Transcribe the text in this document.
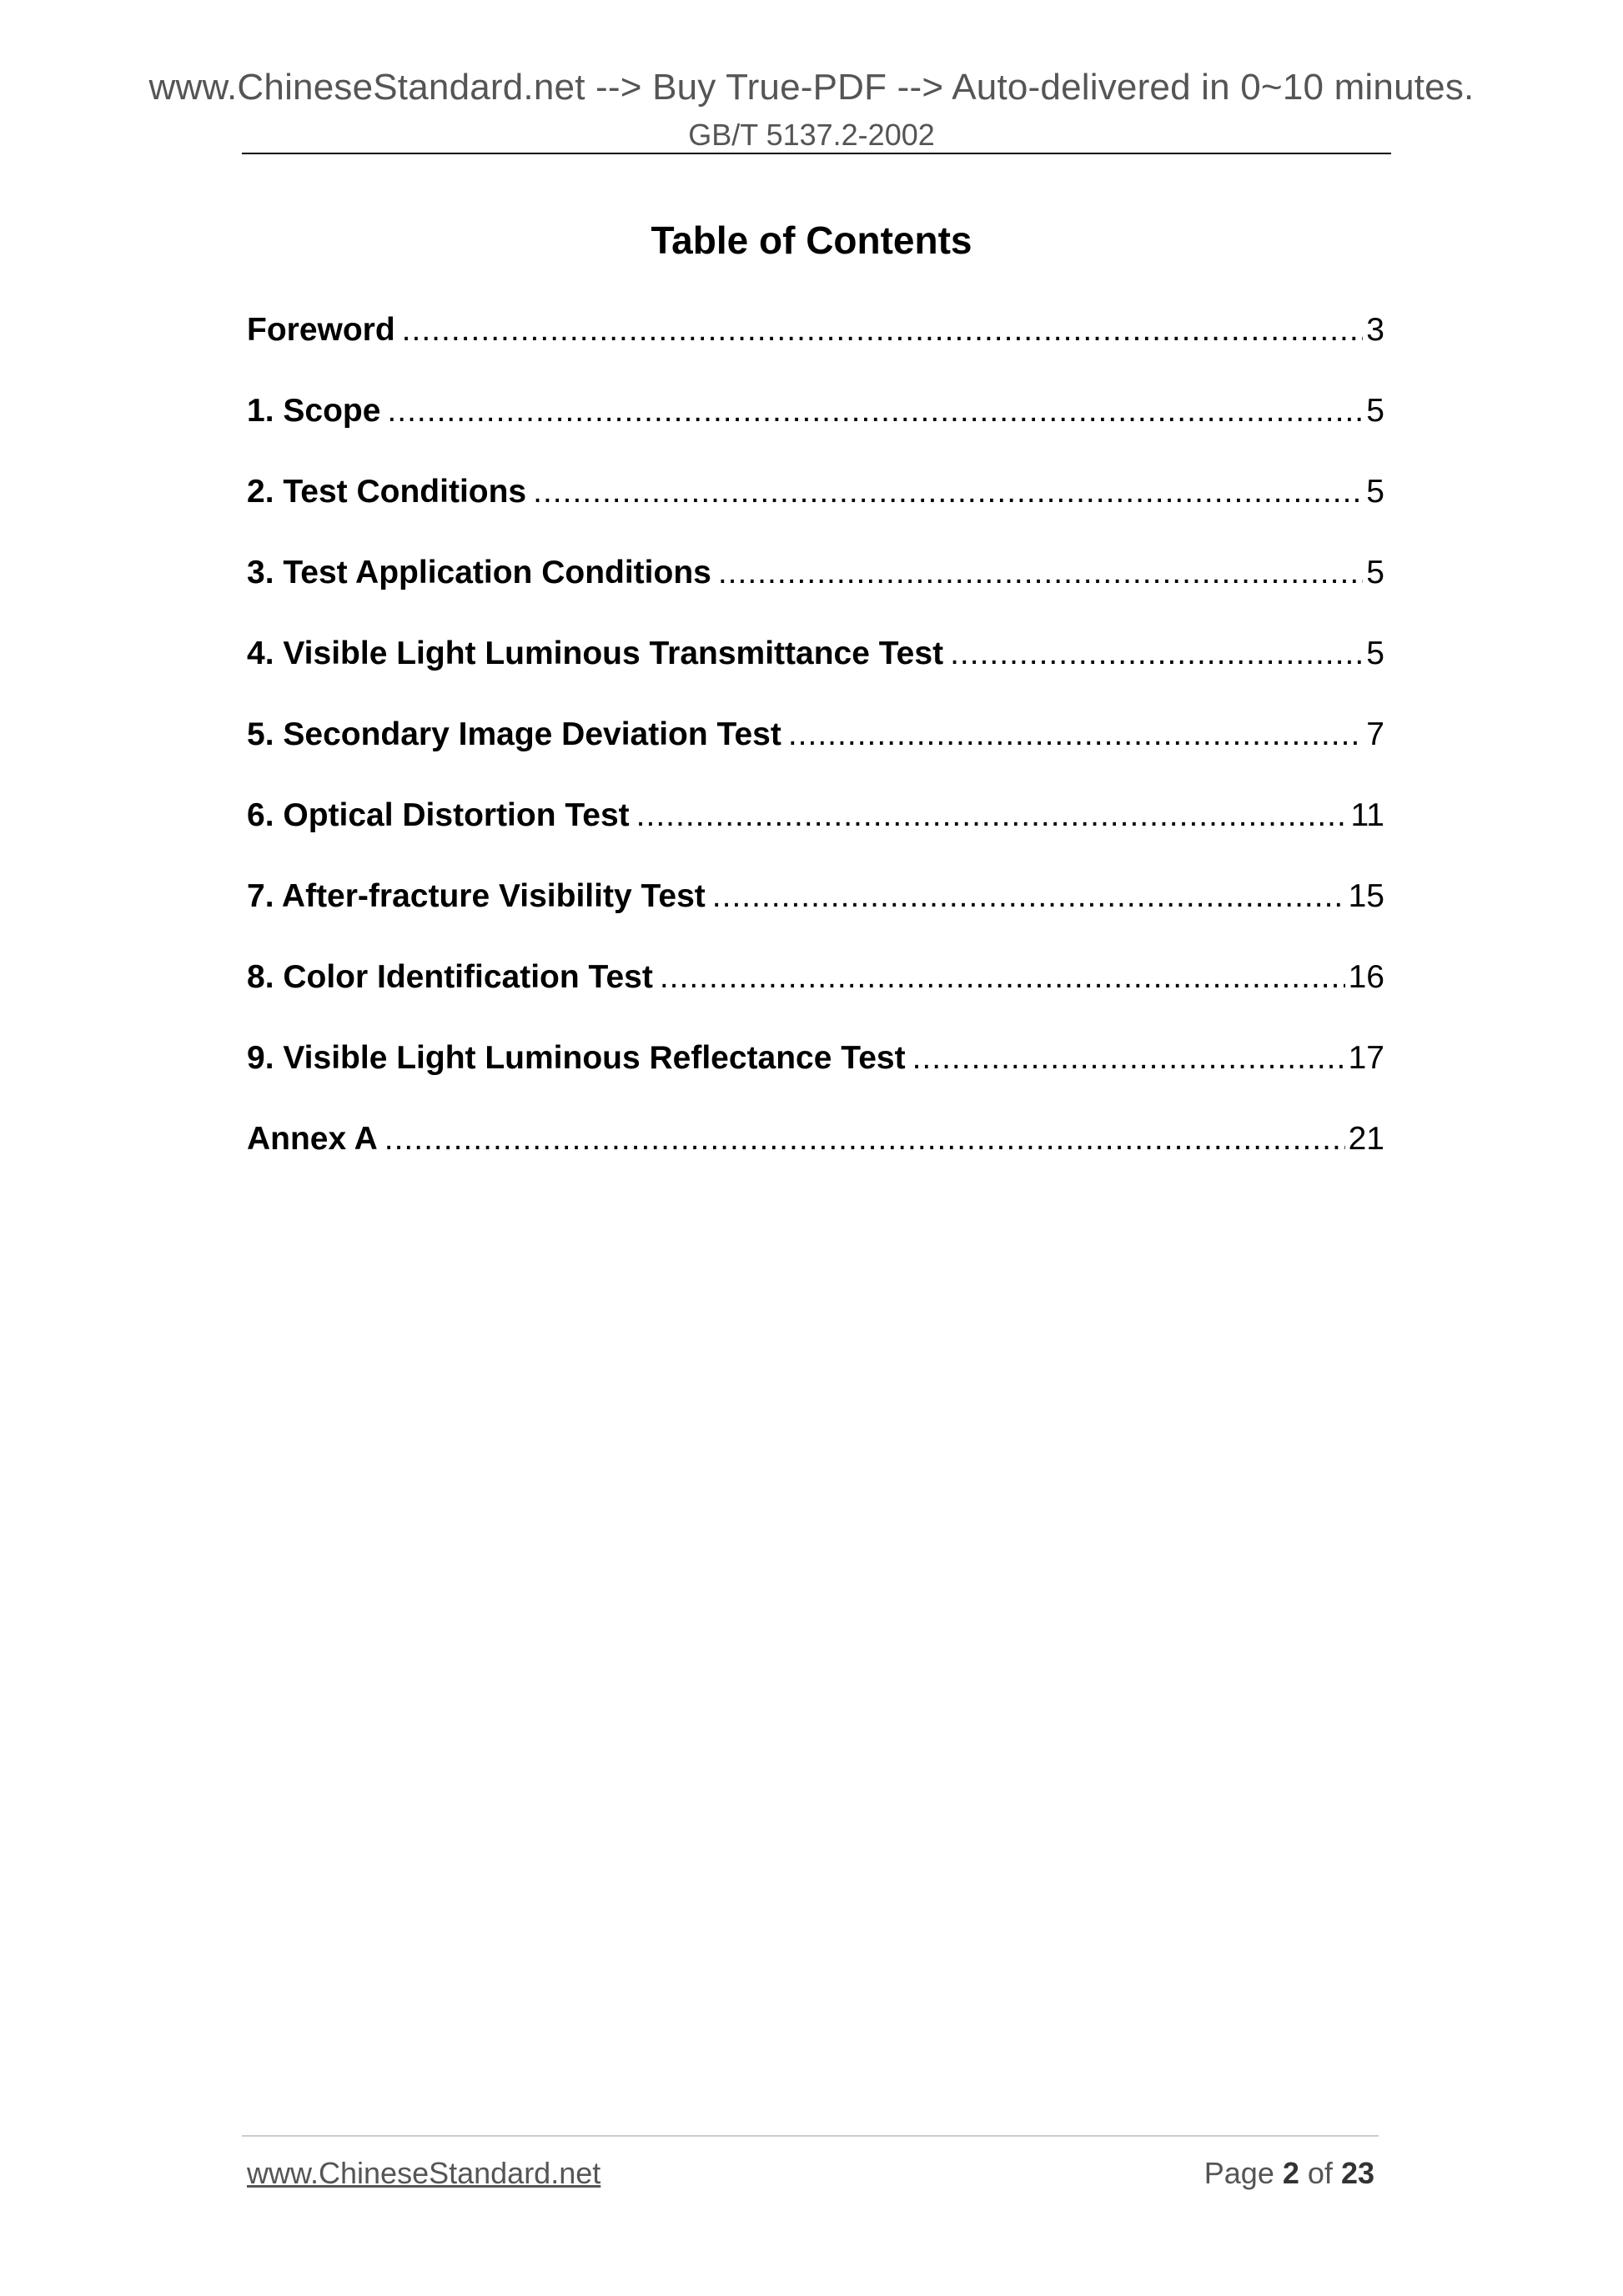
www.ChineseStandard.net --> Buy True-PDF --> Auto-delivered in 0~10 minutes.
GB/T 5137.2-2002
Table of Contents
Foreword .....	3
1. Scope .....	5
2. Test Conditions .....	5
3. Test Application Conditions .....	5
4. Visible Light Luminous Transmittance Test .....	5
5. Secondary Image Deviation Test .....	7
6. Optical Distortion Test .....	11
7. After-fracture Visibility Test .....	15
8. Color Identification Test .....	16
9. Visible Light Luminous Reflectance Test .....	17
Annex A .....	21
www.ChineseStandard.net	Page 2 of 23
